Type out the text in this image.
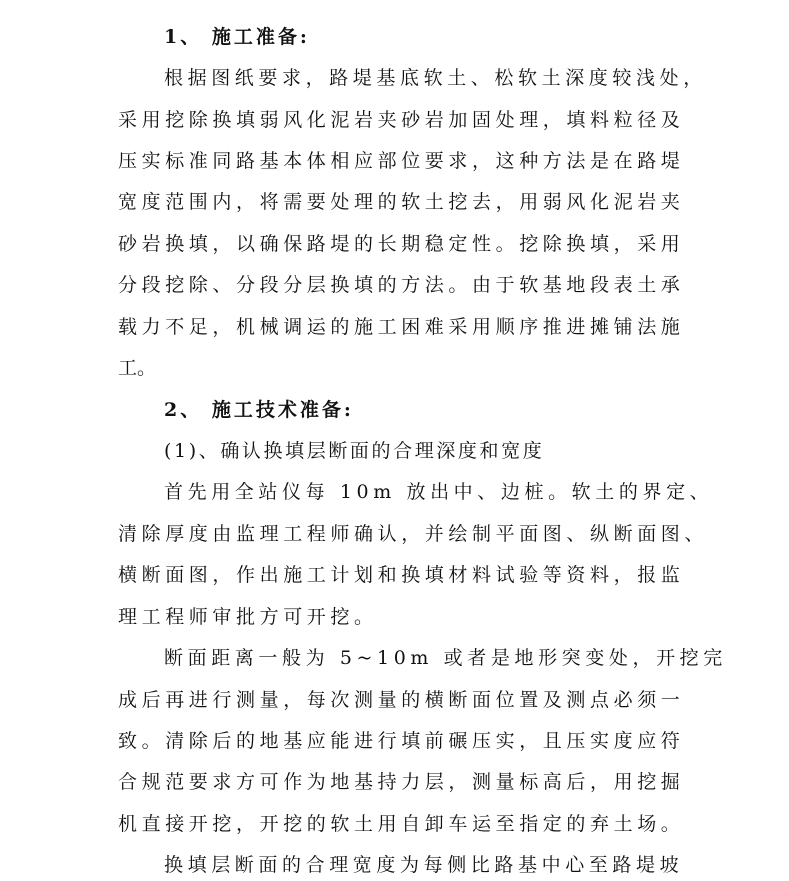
1、 施工准备:
根据图纸要求，路堤基底软土、松软土深度较浅处，
采用挖除换填弱风化泥岩夹砂岩加固处理，填料粒径及
压实标准同路基本体相应部位要求，这种方法是在路堤
宽度范围内，将需要处理的软土挖去，用弱风化泥岩夹
砂岩换填，以确保路堤的长期稳定性。挖除换填，采用
分段挖除、分段分层换填的方法。由于软基地段表土承
载力不足，机械调运的施工困难采用顺序推进摊铺法施
工。
2、 施工技术准备:
(1)、确认换填层断面的合理深度和宽度
首先用全站仪每 10m 放出中、边桩。软土的界定、
清除厚度由监理工程师确认，并绘制平面图、纵断面图、
横断面图，作出施工计划和换填材料试验等资料，报监
理工程师审批方可开挖。
断面距离一般为 5~10m 或者是地形突变处，开挖完
成后再进行测量，每次测量的横断面位置及测点必须一
致。清除后的地基应能进行填前碾压实，且压实度应符
合规范要求方可作为地基持力层，测量标高后，用挖掘
机直接开挖，开挖的软土用自卸车运至指定的弃土场。
换填层断面的合理宽度为每侧比路基中心至路堤坡
